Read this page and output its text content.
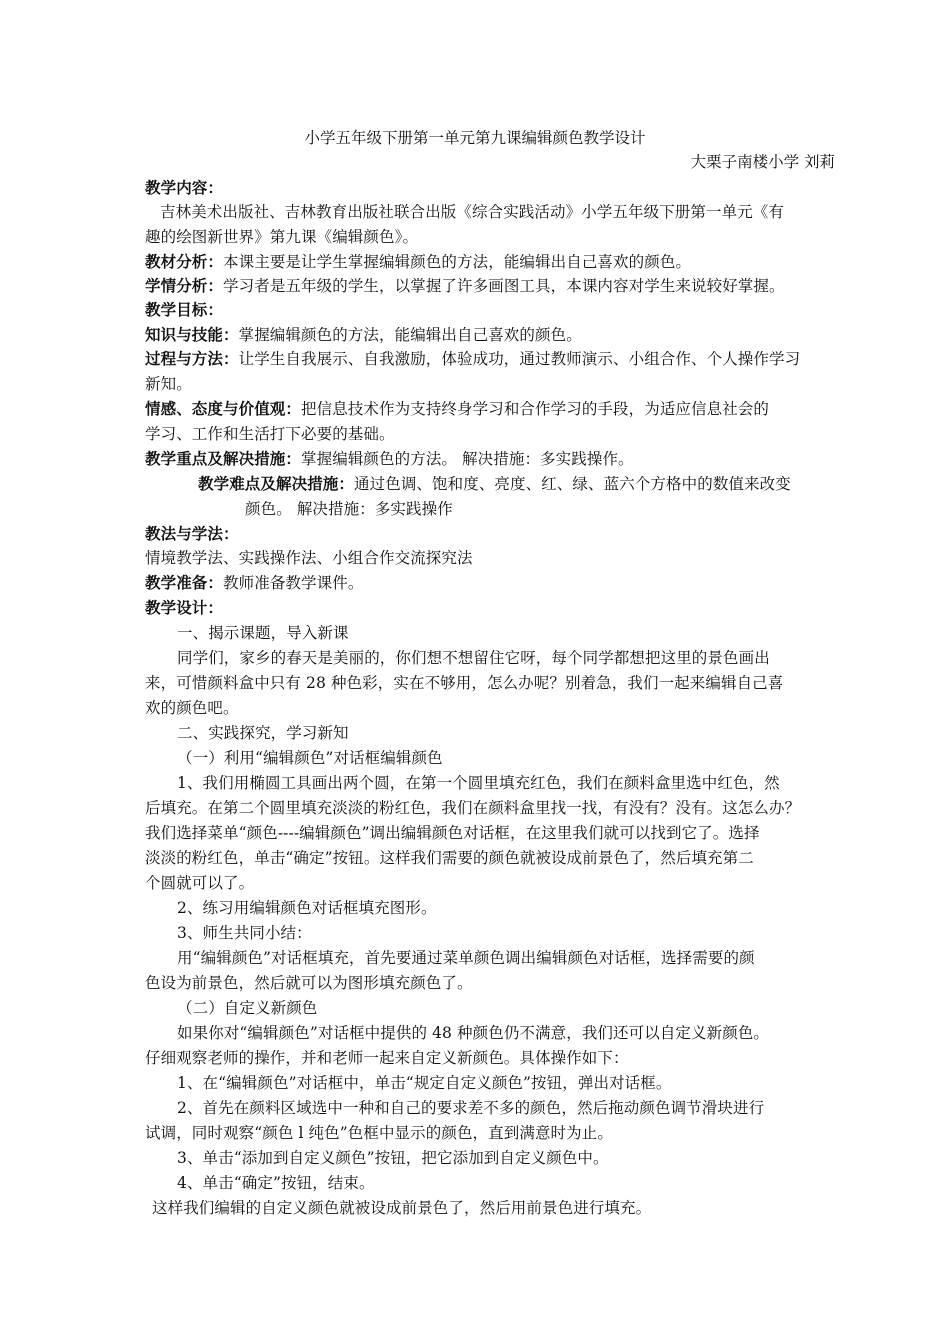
小学五年级下册第一单元第九课编辑颜色教学设计
大栗子南楼小学 刘莉
教学内容：
吉林美术出版社、吉林教育出版社联合出版《综合实践活动》小学五年级下册第一单元《有
趣的绘图新世界》第九课《编辑颜色》。
教材分析：本课主要是让学生掌握编辑颜色的方法，能编辑出自己喜欢的颜色。
学情分析：学习者是五年级的学生，以掌握了许多画图工具，本课内容对学生来说较好掌握。
教学目标：
知识与技能：掌握编辑颜色的方法，能编辑出自己喜欢的颜色。
过程与方法：让学生自我展示、自我激励，体验成功，通过教师演示、小组合作、个人操作学习
新知。
情感、态度与价值观：把信息技术作为支持终身学习和合作学习的手段，为适应信息社会的
学习、工作和生活打下必要的基础。
教学重点及解决措施：掌握编辑颜色的方法。 解决措施：多实践操作。
教学难点及解决措施：通过色调、饱和度、亮度、红、绿、蓝六个方格中的数值来改变
颜色。 解决措施：多实践操作
教法与学法：
情境教学法、实践操作法、小组合作交流探究法
教学准备：教师准备教学课件。
教学设计：
一、揭示课题，导入新课
同学们，家乡的春天是美丽的，你们想不想留住它呀，每个同学都想把这里的景色画出
来，可惜颜料盒中只有 28 种色彩，实在不够用，怎么办呢？别着急，我们一起来编辑自己喜
欢的颜色吧。
二、实践探究，学习新知
（一）利用“编辑颜色”对话框编辑颜色
1、我们用椭圆工具画出两个圆，在第一个圆里填充红色，我们在颜料盒里选中红色，然
后填充。在第二个圆里填充淡淡的粉红色，我们在颜料盒里找一找，有没有？没有。这怎么办？
我们选择菜单“颜色----编辑颜色”调出编辑颜色对话框，在这里我们就可以找到它了。选择
淡淡的粉红色，单击“确定”按钮。这样我们需要的颜色就被设成前景色了，然后填充第二
个圆就可以了。
2、练习用编辑颜色对话框填充图形。
3、师生共同小结：
用“编辑颜色”对话框填充，首先要通过菜单颜色调出编辑颜色对话框，选择需要的颜
色设为前景色，然后就可以为图形填充颜色了。
（二）自定义新颜色
如果你对“编辑颜色”对话框中提供的 48 种颜色仍不满意，我们还可以自定义新颜色。
仔细观察老师的操作，并和老师一起来自定义新颜色。具体操作如下：
1、在“编辑颜色”对话框中，单击“规定自定义颜色”按钮，弹出对话框。
2、首先在颜料区域选中一种和自己的要求差不多的颜色，然后拖动颜色调节滑块进行
试调，同时观察“颜色 l 纯色”色框中显示的颜色，直到满意时为止。
3、单击“添加到自定义颜色”按钮，把它添加到自定义颜色中。
4、单击“确定”按钮，结束。
这样我们编辑的自定义颜色就被设成前景色了，然后用前景色进行填充。
